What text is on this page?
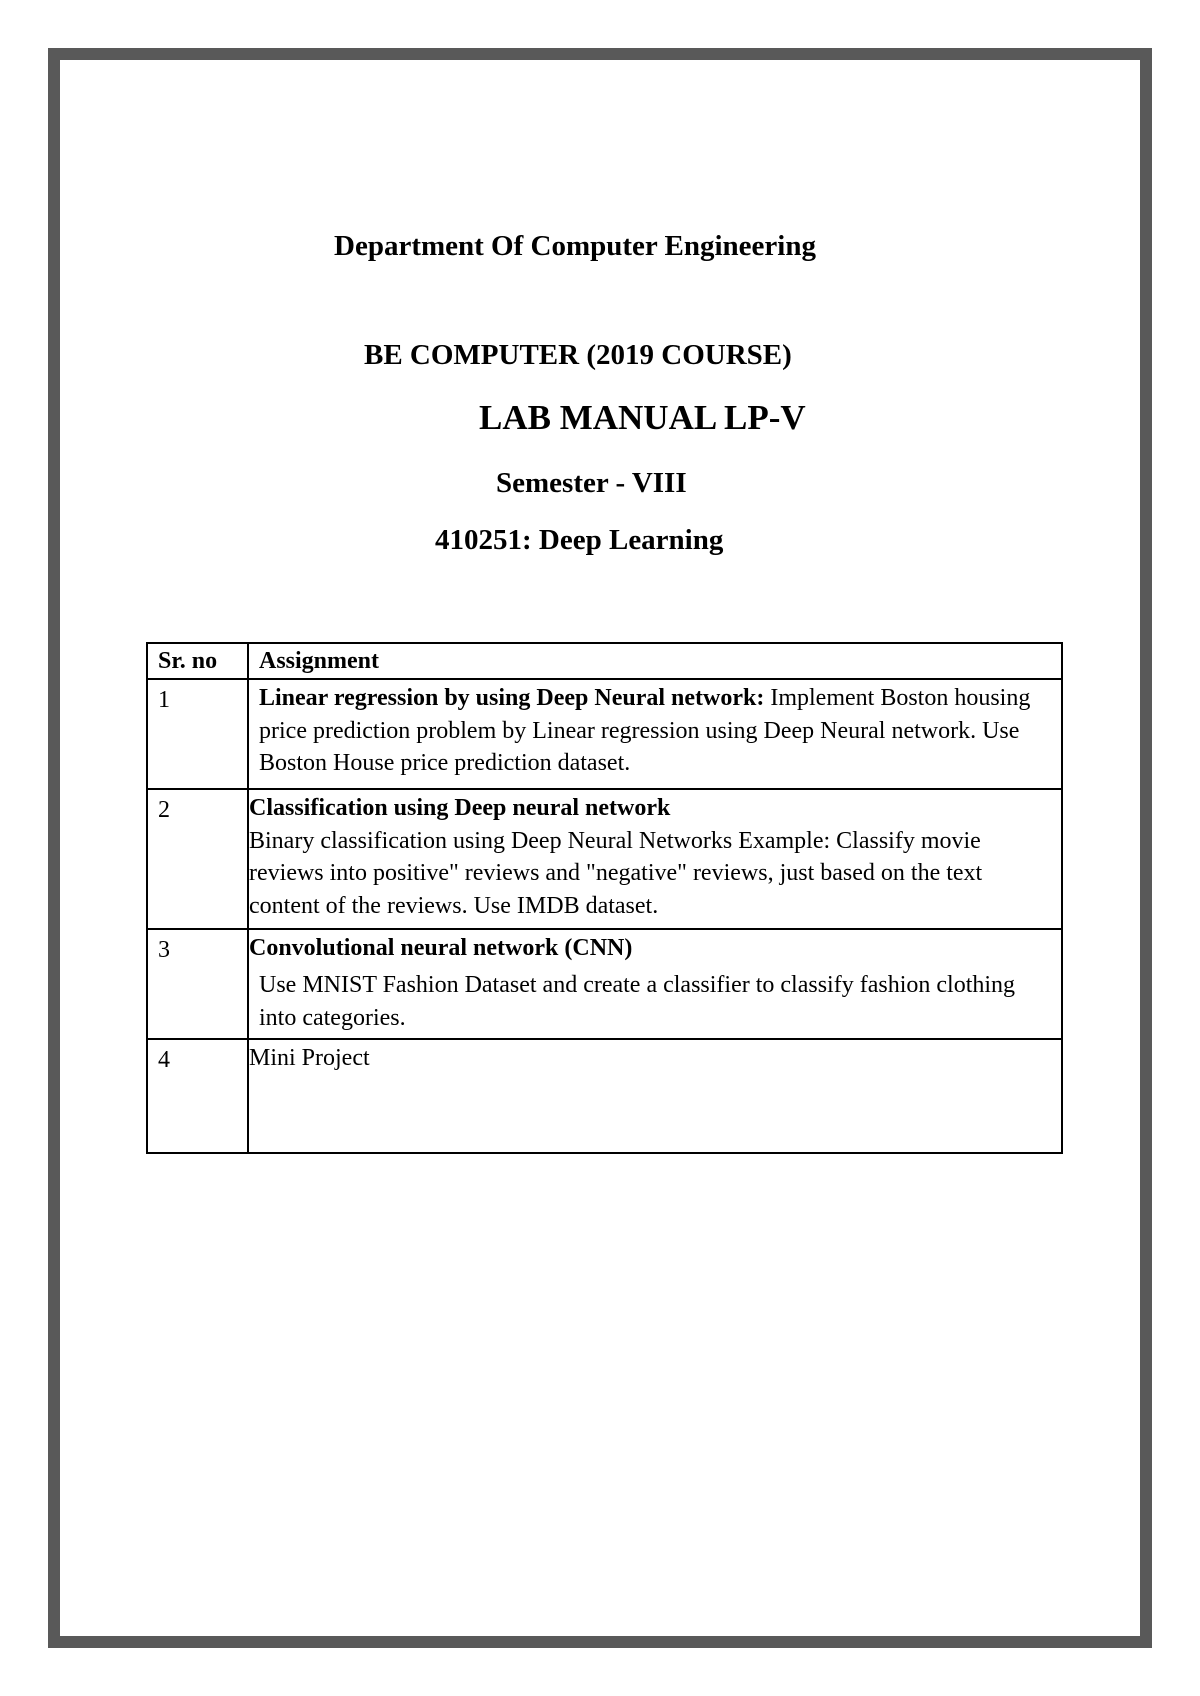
Department Of Computer Engineering
BE COMPUTER (2019 COURSE)
LAB MANUAL LP-V
Semester - VIII
410251: Deep Learning
Sr. no	Assignment
1	Linear regression by using Deep Neural network: Implement Boston housing price prediction problem by Linear regression using Deep Neural network. Use Boston House price prediction dataset.
2	Classification using Deep neural network
Binary classification using Deep Neural Networks Example: Classify movie reviews into positive" reviews and "negative" reviews, just based on the text content of the reviews. Use IMDB dataset.

3	Convolutional neural network (CNN)
Use MNIST Fashion Dataset and create a classifier to classify fashion clothing into categories.

4	Mini Project
